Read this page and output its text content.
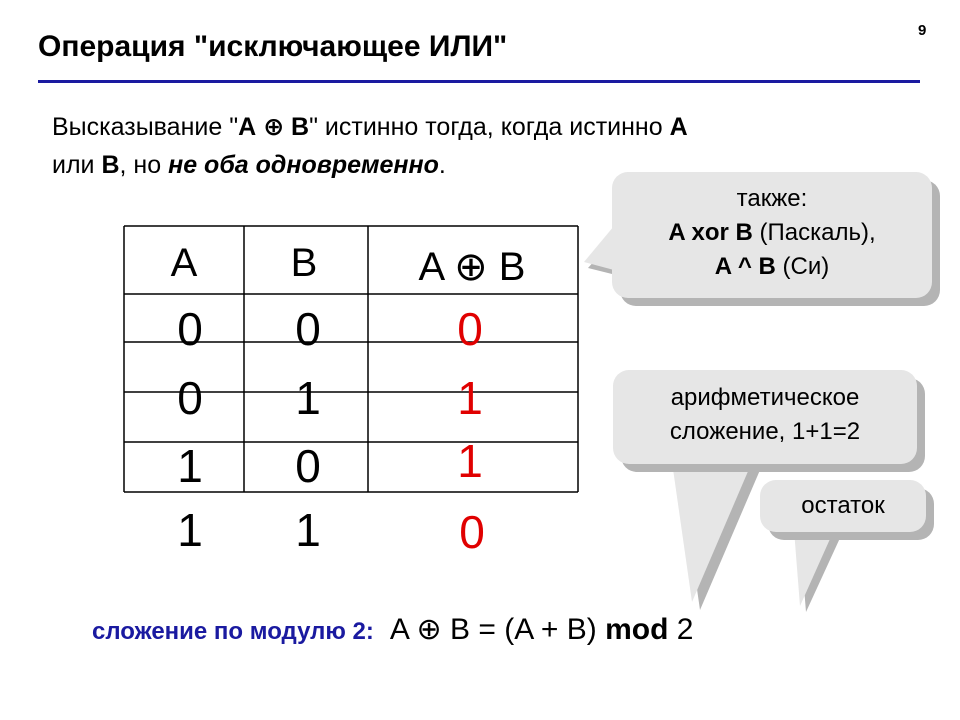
Операция "исключающее ИЛИ"	9
Высказывание "A ⊕ B" истинно тогда, когда истинно A
или B, но не оба одновременно.
A B	A ⊕ B
0 0	0
0 1	1
1 0	1
1 1	0
также:
A xor B (Паскаль),
A ^ B (Си)
арифметическое
сложение, 1+1=2
остаток
сложение по модулю 2: A ⊕ B = (A + B) mod 2
